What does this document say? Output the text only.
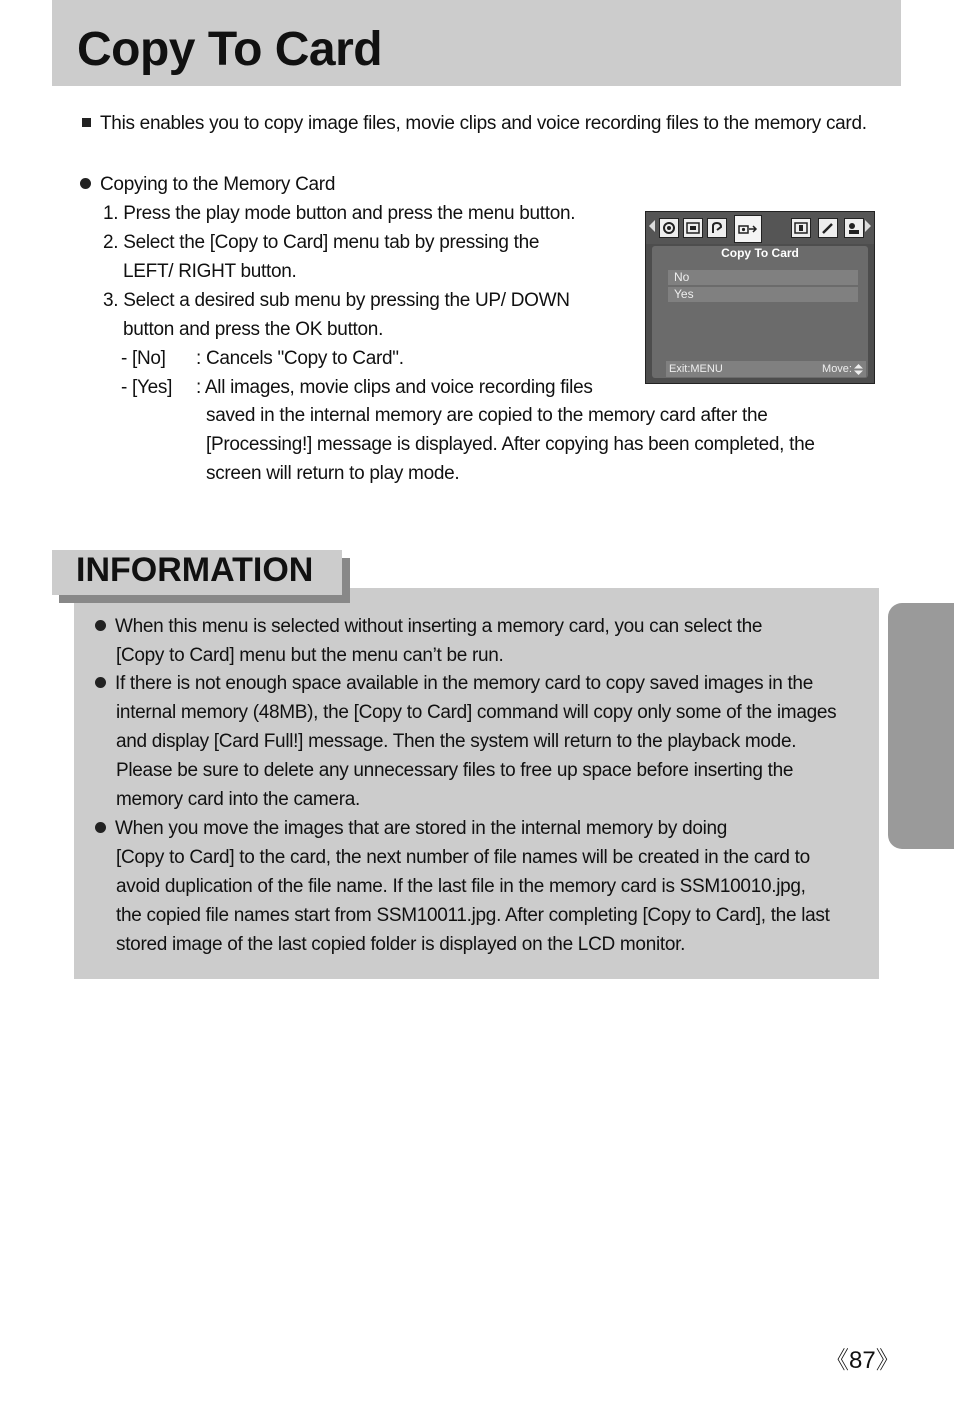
Copy To Card
This enables you to copy image files, movie clips and voice recording files to the memory card.
Copying to the Memory Card
1. Press the play mode button and press the menu button.
2. Select the [Copy to Card] menu tab by pressing the
LEFT/ RIGHT button.
3. Select a desired sub menu by pressing the UP/ DOWN
button and press the OK button.
- [No] : Cancels "Copy to Card".
- [Yes] : All images, movie clips and voice recording files
saved in the internal memory are copied to the memory card after the
[Processing!] message is displayed. After copying has been completed, the
screen will return to play mode.
Copy To Card
No
Yes
Exit:MENU	Move:
INFORMATION
When this menu is selected without inserting a memory card, you can select the
[Copy to Card] menu but the menu can’t be run.
If there is not enough space available in the memory card to copy saved images in the
internal memory (48MB), the [Copy to Card] command will copy only some of the images
and display [Card Full!] message. Then the system will return to the playback mode.
Please be sure to delete any unnecessary files to free up space before inserting the
memory card into the camera.
When you move the images that are stored in the internal memory by doing
[Copy to Card] to the card, the next number of file names will be created in the card to
avoid duplication of the file name. If the last file in the memory card is SSM10010.jpg,
the copied file names start from SSM10011.jpg. After completing [Copy to Card], the last
stored image of the last copied folder is displayed on the LCD monitor.
《87》
